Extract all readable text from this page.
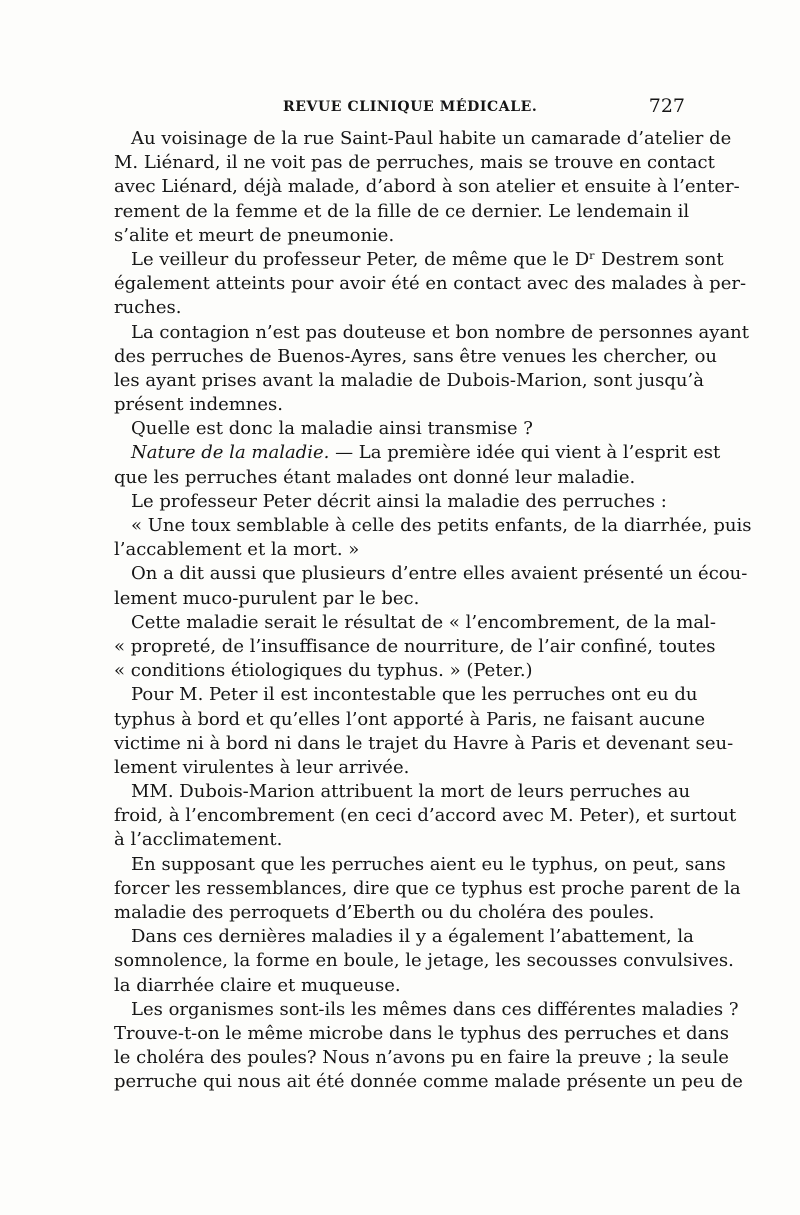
REVUE CLINIQUE MÉDICALE.	727
Au voisinage de la rue Saint-Paul habite un camarade d’atelier de
M. Liénard, il ne voit pas de perruches, mais se trouve en contact
avec Liénard, déjà malade, d’abord à son atelier et ensuite à l’enter-
rement de la femme et de la fille de ce dernier. Le lendemain il
s’alite et meurt de pneumonie.
Le veilleur du professeur Peter, de même que le Dʳ Destrem sont
également atteints pour avoir été en contact avec des malades à per-
ruches.
La contagion n’est pas douteuse et bon nombre de personnes ayant
des perruches de Buenos-Ayres, sans être venues les chercher, ou
les ayant prises avant la maladie de Dubois-Marion, sont jusqu’à
présent indemnes.
Quelle est donc la maladie ainsi transmise ?
Nature de la maladie. — La première idée qui vient à l’esprit est
que les perruches étant malades ont donné leur maladie.
Le professeur Peter décrit ainsi la maladie des perruches :
« Une toux semblable à celle des petits enfants, de la diarrhée, puis
l’accablement et la mort. »
On a dit aussi que plusieurs d’entre elles avaient présenté un écou-
lement muco-purulent par le bec.
Cette maladie serait le résultat de « l’encombrement, de la mal-
« propreté, de l’insuffisance de nourriture, de l’air confiné, toutes
« conditions étiologiques du typhus. » (Peter.)
Pour M. Peter il est incontestable que les perruches ont eu du
typhus à bord et qu’elles l’ont apporté à Paris, ne faisant aucune
victime ni à bord ni dans le trajet du Havre à Paris et devenant seu-
lement virulentes à leur arrivée.
MM. Dubois-Marion attribuent la mort de leurs perruches au
froid, à l’encombrement (en ceci d’accord avec M. Peter), et surtout
à l’acclimatement.
En supposant que les perruches aient eu le typhus, on peut, sans
forcer les ressemblances, dire que ce typhus est proche parent de la
maladie des perroquets d’Eberth ou du choléra des poules.
Dans ces dernières maladies il y a également l’abattement, la
somnolence, la forme en boule, le jetage, les secousses convulsives.
la diarrhée claire et muqueuse.
Les organismes sont-ils les mêmes dans ces différentes maladies ?
Trouve-t-on le même microbe dans le typhus des perruches et dans
le choléra des poules? Nous n’avons pu en faire la preuve ; la seule
perruche qui nous ait été donnée comme malade présente un peu de
